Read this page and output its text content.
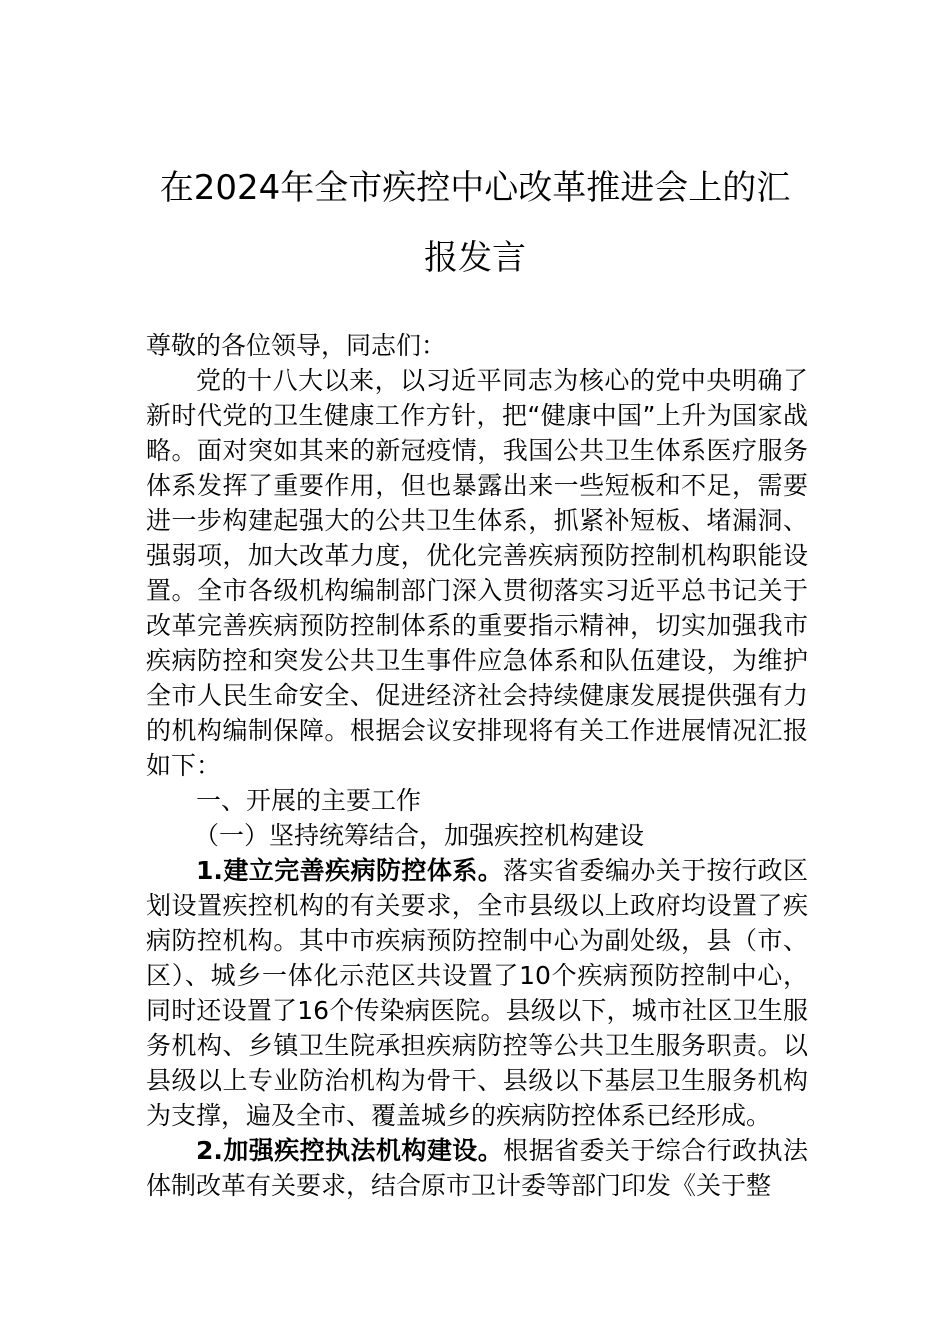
在2024年全市疾控中心改革推进会上的汇
报发言

尊敬的各位领导，同志们：

党的十八大以来，以习近平同志为核心的党中央明确了新时代党的卫生健康工作方针，把“健康中国”上升为国家战略。面对突如其来的新冠疫情，我国公共卫生体系医疗服务体系发挥了重要作用，但也暴露出来一些短板和不足，需要进一步构建起强大的公共卫生体系，抓紧补短板、堵漏洞、强弱项，加大改革力度，优化完善疾病预防控制机构职能设置。全市各级机构编制部门深入贯彻落实习近平总书记关于改革完善疾病预防控制体系的重要指示精神，切实加强我市疾病防控和突发公共卫生事件应急体系和队伍建设，为维护全市人民生命安全、促进经济社会持续健康发展提供强有力的机构编制保障。根据会议安排现将有关工作进展情况汇报如下：

一、开展的主要工作

（一）坚持统筹结合，加强疾控机构建设

1.建立完善疾病防控体系。落实省委编办关于按行政区划设置疾控机构的有关要求，全市县级以上政府均设置了疾病防控机构。其中市疾病预防控制中心为副处级，县（市、区）、城乡一体化示范区共设置了10个疾病预防控制中心，同时还设置了16个传染病医院。县级以下，城市社区卫生服务机构、乡镇卫生院承担疾病防控等公共卫生服务职责。以县级以上专业防治机构为骨干、县级以下基层卫生服务机构为支撑，遍及全市、覆盖城乡的疾病防控体系已经形成。

2.加强疾控执法机构建设。根据省委关于综合行政执法体制改革有关要求，结合原市卫计委等部门印发《关于整
